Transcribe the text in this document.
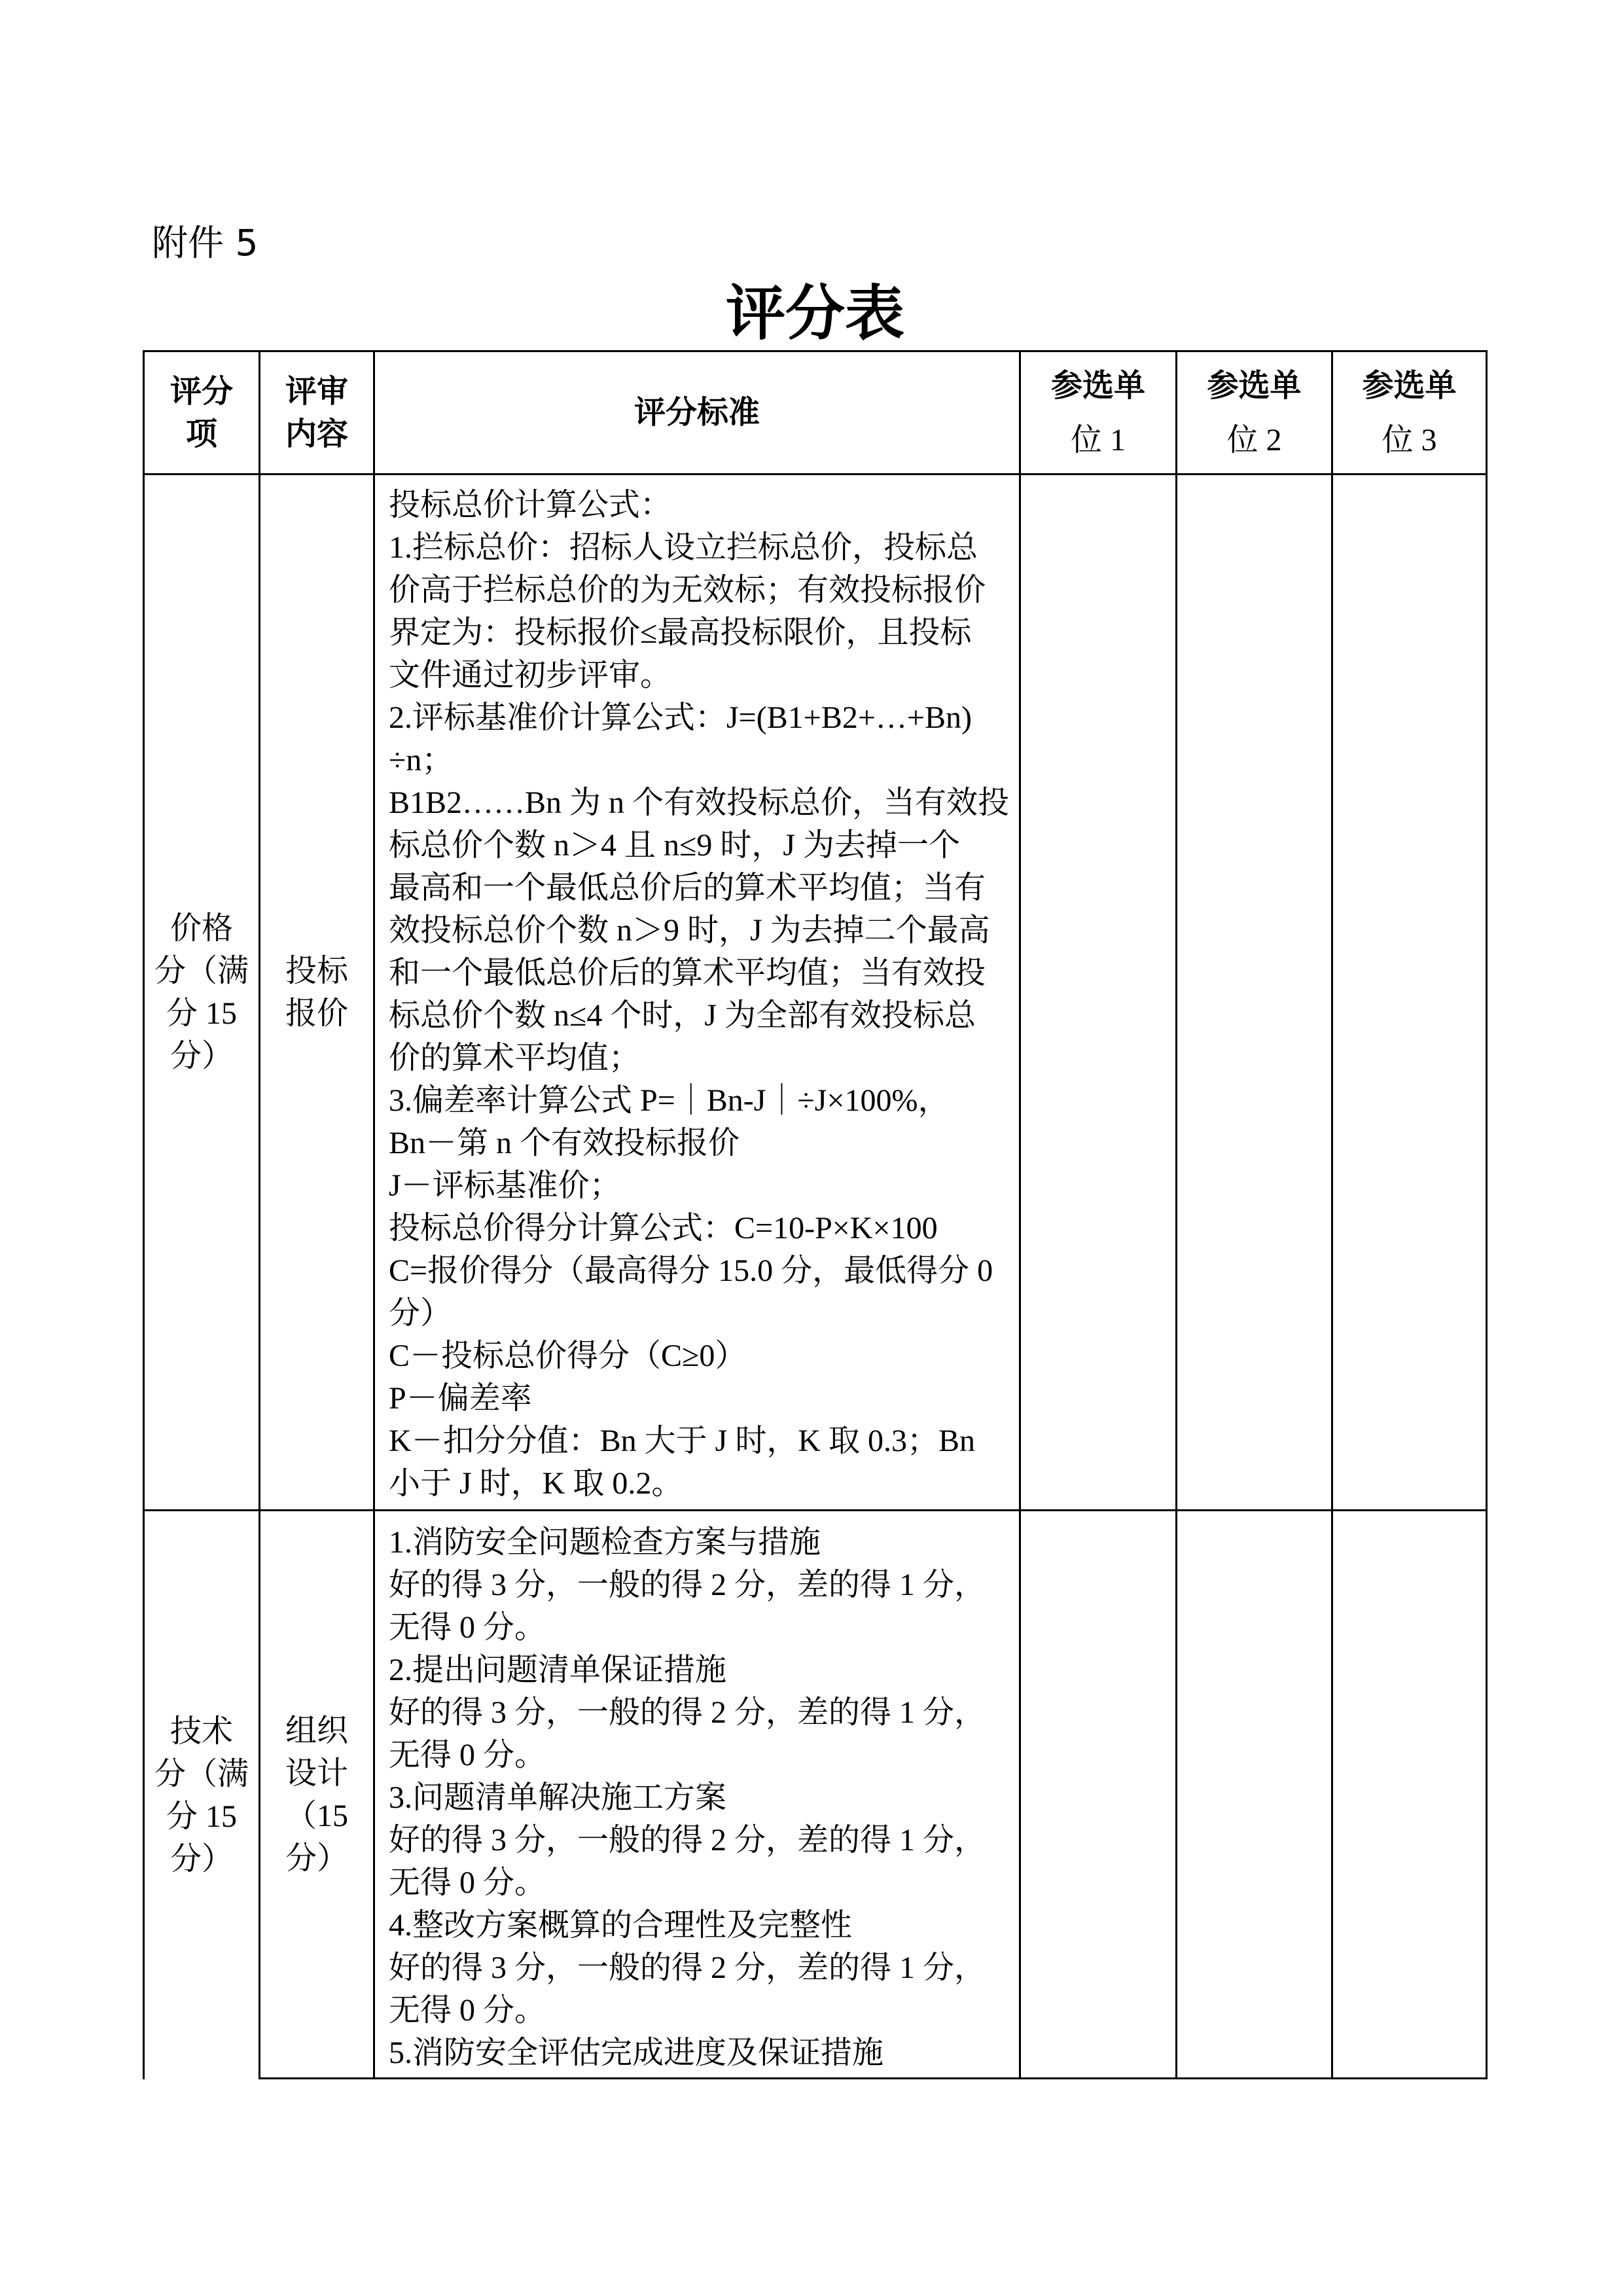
附件 5
评分表
评分
项
评审
内容
评分标准
参选单
位 1
参选单
位 2
参选单
位 3
价格
分（满
分 15
分）
投标
报价
投标总价计算公式：
1.拦标总价：招标人设立拦标总价，投标总
价高于拦标总价的为无效标；有效投标报价
界定为：投标报价≤最高投标限价，且投标
文件通过初步评审。
2.评标基准价计算公式：J=(B1+B2+…+Bn)
÷n；
B1B2……Bn 为 n 个有效投标总价，当有效投
标总价个数 n＞4 且 n≤9 时，J 为去掉一个
最高和一个最低总价后的算术平均值；当有
效投标总价个数 n＞9 时，J 为去掉二个最高
和一个最低总价后的算术平均值；当有效投
标总价个数 n≤4 个时，J 为全部有效投标总
价的算术平均值；
3.偏差率计算公式 P=｜Bn-J｜÷J×100%，
Bn－第 n 个有效投标报价
J－评标基准价；
投标总价得分计算公式：C=10-P×K×100
C=报价得分（最高得分 15.0 分，最低得分 0
分）
C－投标总价得分（C≥0）
P－偏差率
K－扣分分值：Bn 大于 J 时，K 取 0.3；Bn
小于 J 时，K 取 0.2。
技术
分（满
分 15
分）
组织
设计
（15
分）
1.消防安全问题检查方案与措施
好的得 3 分，一般的得 2 分，差的得 1 分，
无得 0 分。
2.提出问题清单保证措施
好的得 3 分，一般的得 2 分，差的得 1 分，
无得 0 分。
3.问题清单解决施工方案
好的得 3 分，一般的得 2 分，差的得 1 分，
无得 0 分。
4.整改方案概算的合理性及完整性
好的得 3 分，一般的得 2 分，差的得 1 分，
无得 0 分。
5.消防安全评估完成进度及保证措施
